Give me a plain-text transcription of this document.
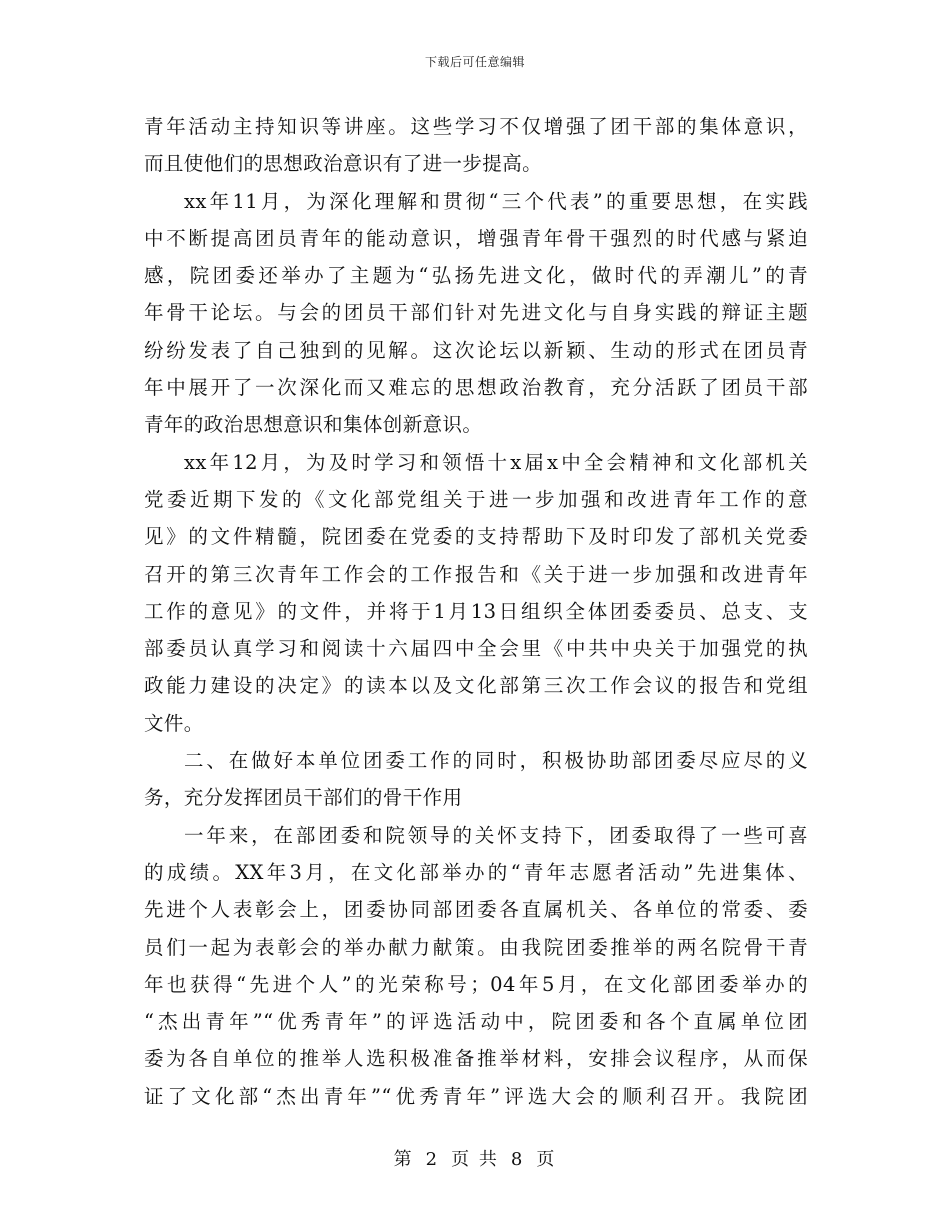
下载后可任意编辑
青年活动主持知识等讲座。这些学习不仅增强了团干部的集体意识，
而且使他们的思想政治意识有了进一步提高。
xx年11月，为深化理解和贯彻“三个代表”的重要思想，在实践
中不断提高团员青年的能动意识，增强青年骨干强烈的时代感与紧迫
感，院团委还举办了主题为“弘扬先进文化，做时代的弄潮儿”的青
年骨干论坛。与会的团员干部们针对先进文化与自身实践的辩证主题
纷纷发表了自己独到的见解。这次论坛以新颖、生动的形式在团员青
年中展开了一次深化而又难忘的思想政治教育，充分活跃了团员干部
青年的政治思想意识和集体创新意识。
xx年12月，为及时学习和领悟十x届x中全会精神和文化部机关
党委近期下发的《文化部党组关于进一步加强和改进青年工作的意
见》的文件精髓，院团委在党委的支持帮助下及时印发了部机关党委
召开的第三次青年工作会的工作报告和《关于进一步加强和改进青年
工作的意见》的文件，并将于1月13日组织全体团委委员、总支、支
部委员认真学习和阅读十六届四中全会里《中共中央关于加强党的执
政能力建设的决定》的读本以及文化部第三次工作会议的报告和党组
文件。
二、在做好本单位团委工作的同时，积极协助部团委尽应尽的义
务，充分发挥团员干部们的骨干作用
一年来，在部团委和院领导的关怀支持下，团委取得了一些可喜
的成绩。XX年3月，在文化部举办的“青年志愿者活动”先进集体、
先进个人表彰会上，团委协同部团委各直属机关、各单位的常委、委
员们一起为表彰会的举办献力献策。由我院团委推举的两名院骨干青
年也获得“先进个人”的光荣称号；04年5月，在文化部团委举办的
“杰出青年”“优秀青年”的评选活动中，院团委和各个直属单位团
委为各自单位的推举人选积极准备推举材料，安排会议程序，从而保
证了文化部“杰出青年”“优秀青年”评选大会的顺利召开。我院团
第 2 页 共 8 页
